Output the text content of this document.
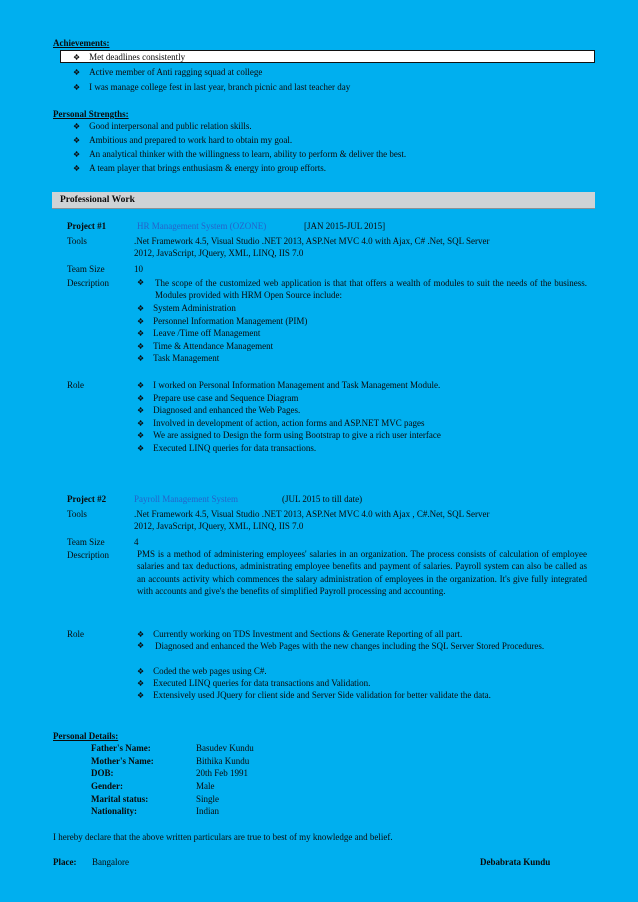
Achievements:
❖ Met deadlines consistently
❖ Active member of Anti ragging squad at college
❖ I was manage college fest in last year, branch picnic and last teacher day
Personal Strengths:
❖ Good interpersonal and public relation skills.
❖ Ambitious and prepared to work hard to obtain my goal.
❖ An analytical thinker with the willingness to learn, ability to perform & deliver the best.
❖ A team player that brings enthusiasm & energy into group efforts.
Professional Work
Project #1	HR Management System (OZONE)	[JAN 2015-JUL 2015]
Tools	.Net Framework 4.5, Visual Studio .NET 2013, ASP.Net MVC 4.0 with Ajax, C# .Net, SQL Server
2012, JavaScript, JQuery, XML, LINQ, IIS 7.0
Team Size	10
Description	❖ The scope of the customized web application is that that offers a wealth of modules to suit the needs of the business. Modules provided with HRM Open Source include:
❖ System Administration
❖ Personnel Information Management (PIM)
❖ Leave /Time off Management
❖ Time & Attendance Management
❖ Task Management
Role	❖ I worked on Personal Information Management and Task Management Module.
❖ Prepare use case and Sequence Diagram
❖ Diagnosed and enhanced the Web Pages.
❖ Involved in development of action, action forms and ASP.NET MVC pages
❖ We are assigned to Design the form using Bootstrap to give a rich user interface
❖ Executed LINQ queries for data transactions.
Project #2	Payroll Management System	(JUL 2015 to till date)
Tools	.Net Framework 4.5, Visual Studio .NET 2013, ASP.Net MVC 4.0 with Ajax , C#.Net, SQL Server
2012, JavaScript, JQuery, XML, LINQ, IIS 7.0
Team Size	4
Description	PMS is a method of administering employees' salaries in an organization. The process consists of calculation of employee salaries and tax deductions, administrating employee benefits and payment of salaries. Payroll system can also be called as an accounts activity which commences the salary administration of employees in the organization. It's give fully integrated with accounts and give's the benefits of simplified Payroll processing and accounting.
Role	❖ Currently working on TDS Investment and Sections & Generate Reporting of all part.
❖ Diagnosed and enhanced the Web Pages with the new changes including the SQL Server Stored Procedures.
❖ Coded the web pages using C#.
❖ Executed LINQ queries for data transactions and Validation.
❖ Extensively used JQuery for client side and Server Side validation for better validate the data.
Personal Details:
Father's Name:	Basudev Kundu
Mother's Name:	Bithika Kundu
DOB:	20th Feb 1991
Gender:	Male
Marital status:	Single
Nationality:	Indian
I hereby declare that the above written particulars are true to best of my knowledge and belief.
Place: Bangalore	Debabrata Kundu
